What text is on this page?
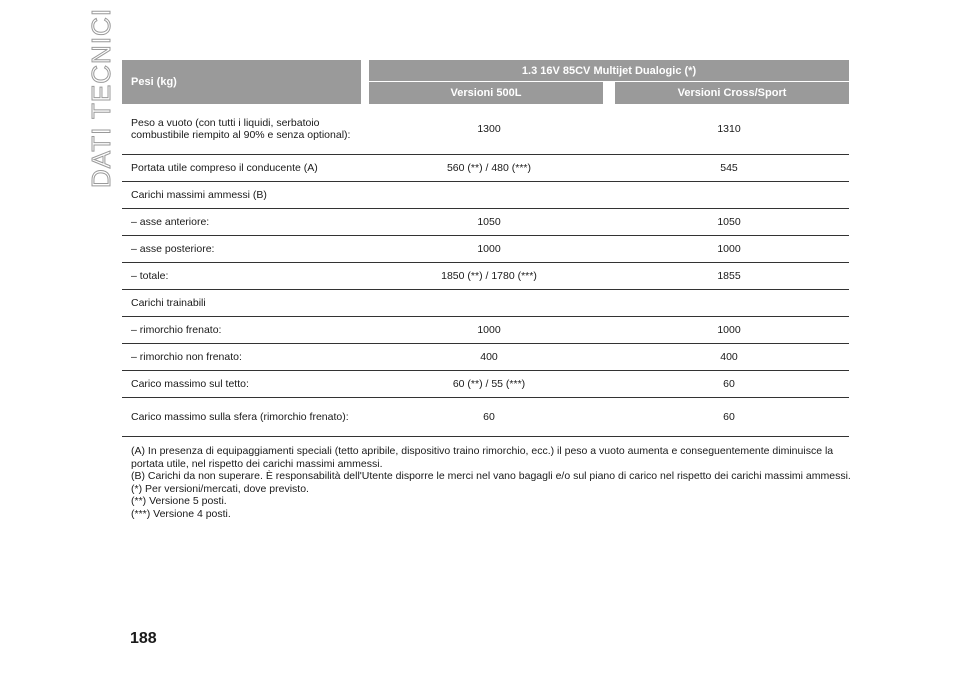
DATI TECNICI Pesi (kg)		1.3 16V 85CV Multijet Dualogic (*)	
		Versioni 500L	Versioni Cross/Sport
Peso a vuoto (con tutti i liquidi, serbatoio combustibile riempito al 90% e senza optional):		1300	1310
Portata utile compreso il conducente (A)		560 (**) / 480 (***)	545
Carichi massimi ammessi (B)			
– asse anteriore:		1050	1050
– asse posteriore:		1000	1000
– totale:		1850 (**) / 1780 (***)	1855
Carichi trainabili			
– rimorchio frenato:		1000	1000
– rimorchio non frenato:		400	400
Carico massimo sul tetto:		60 (**) / 55 (***)	60
Carico massimo sulla sfera (rimorchio frenato):		60	60

(A) In presenza di equipaggiamenti speciali (tetto apribile, dispositivo traino rimorchio, ecc.) il peso a vuoto aumenta e conseguentemente diminuisce la portata utile, nel rispetto dei carichi massimi ammessi.

(B) Carichi da non superare. È responsabilità dell'Utente disporre le merci nel vano bagagli e/o sul piano di carico nel rispetto dei carichi massimi ammessi.

(*) Per versioni/mercati, dove previsto.

(**) Versione 5 posti.

(***) Versione 4 posti.

188
